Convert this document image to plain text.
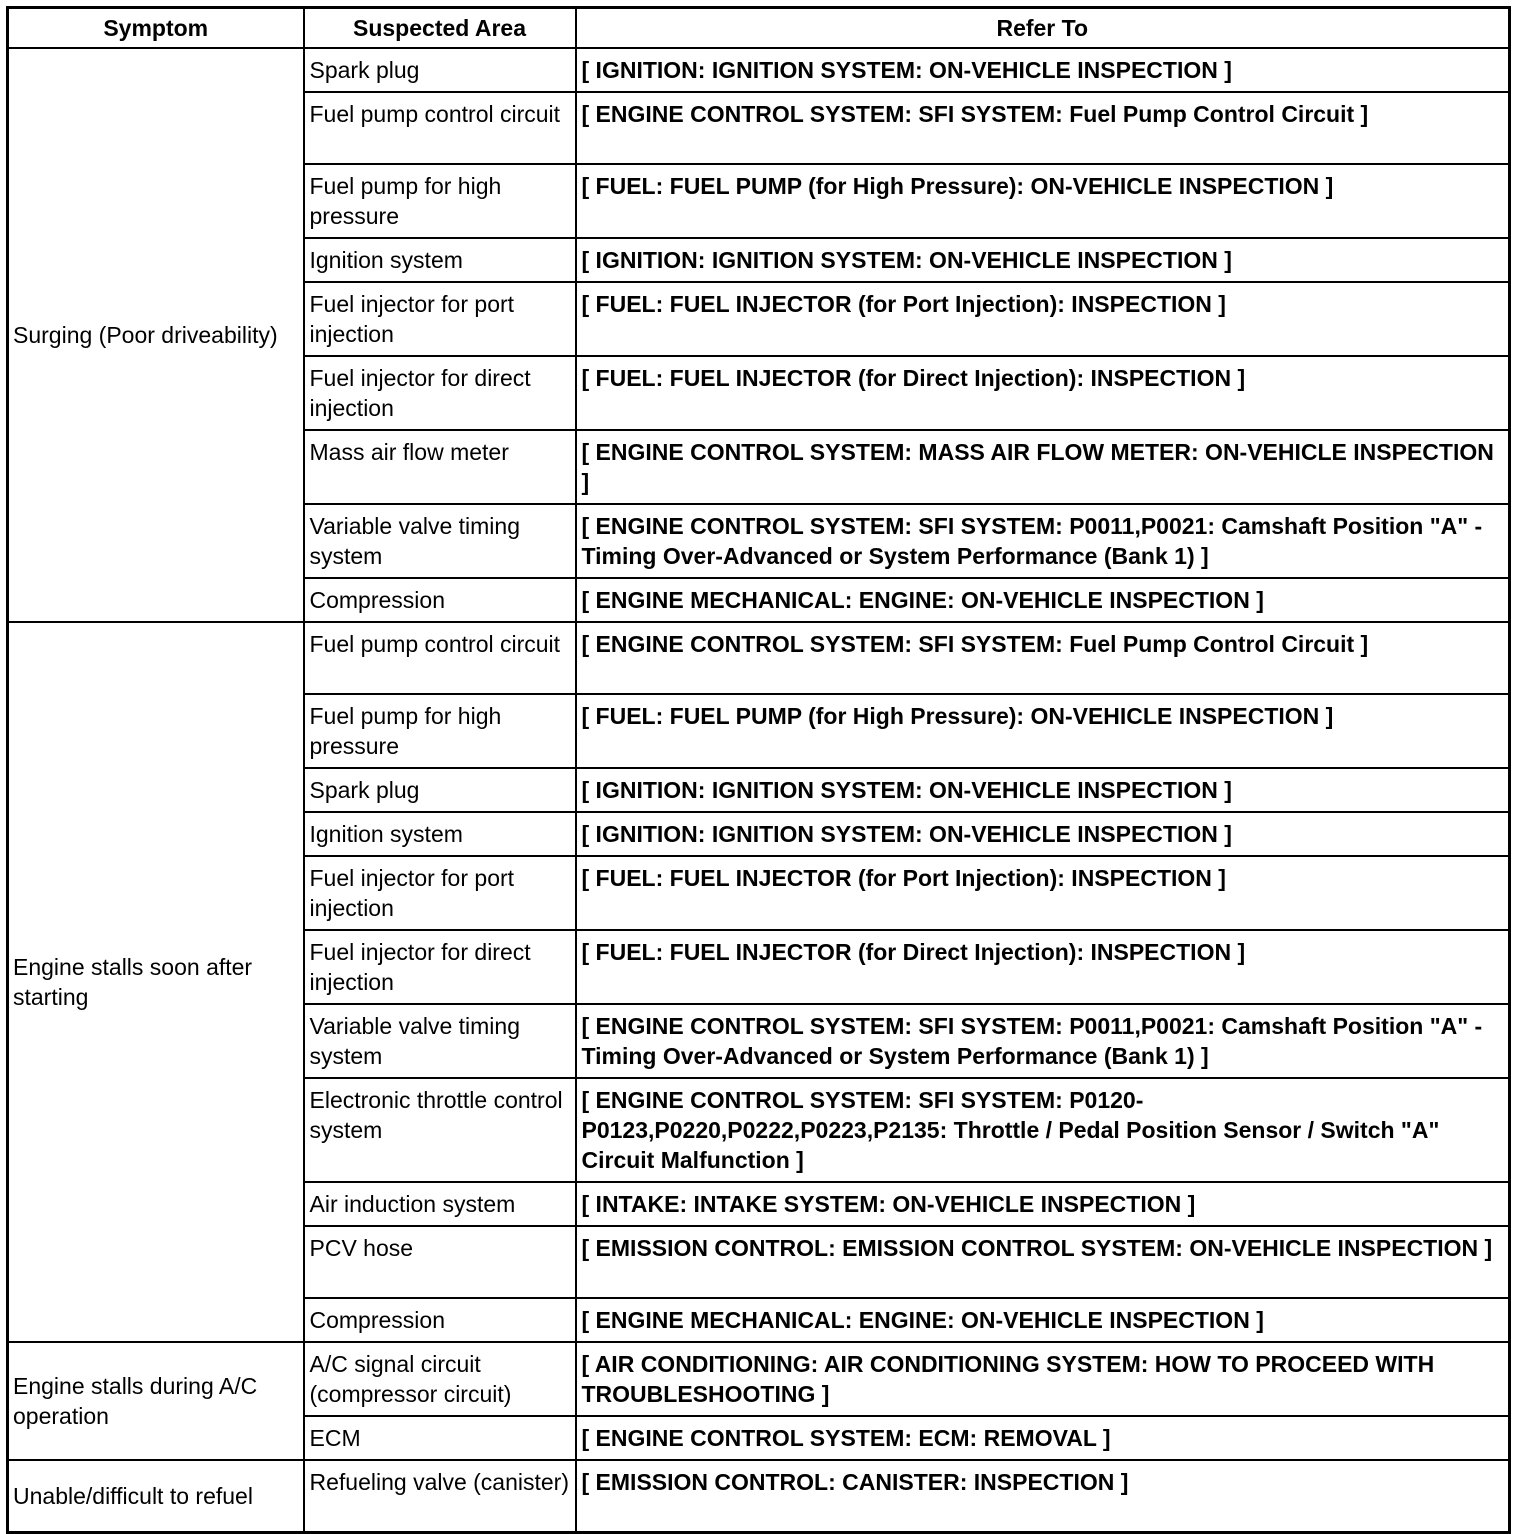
Symptom	Suspected Area	Refer To
Surging (Poor driveability)	Spark plug	[ IGNITION: IGNITION SYSTEM: ON-VEHICLE INSPECTION ]
	Fuel pump control circuit	[ ENGINE CONTROL SYSTEM: SFI SYSTEM: Fuel Pump Control Circuit ]
	Fuel pump for high pressure	[ FUEL: FUEL PUMP (for High Pressure): ON-VEHICLE INSPECTION ]
	Ignition system	[ IGNITION: IGNITION SYSTEM: ON-VEHICLE INSPECTION ]
	Fuel injector for port injection	[ FUEL: FUEL INJECTOR (for Port Injection): INSPECTION ]
	Fuel injector for direct injection	[ FUEL: FUEL INJECTOR (for Direct Injection): INSPECTION ]
	Mass air flow meter	[ ENGINE CONTROL SYSTEM: MASS AIR FLOW METER: ON-VEHICLE INSPECTION ]
	Variable valve timing system	[ ENGINE CONTROL SYSTEM: SFI SYSTEM: P0011,P0021: Camshaft Position "A" - Timing Over-Advanced or System Performance (Bank 1) ]
	Compression	[ ENGINE MECHANICAL: ENGINE: ON-VEHICLE INSPECTION ]
Engine stalls soon after starting	Fuel pump control circuit	[ ENGINE CONTROL SYSTEM: SFI SYSTEM: Fuel Pump Control Circuit ]
	Fuel pump for high pressure	[ FUEL: FUEL PUMP (for High Pressure): ON-VEHICLE INSPECTION ]
	Spark plug	[ IGNITION: IGNITION SYSTEM: ON-VEHICLE INSPECTION ]
	Ignition system	[ IGNITION: IGNITION SYSTEM: ON-VEHICLE INSPECTION ]
	Fuel injector for port injection	[ FUEL: FUEL INJECTOR (for Port Injection): INSPECTION ]
	Fuel injector for direct injection	[ FUEL: FUEL INJECTOR (for Direct Injection): INSPECTION ]
	Variable valve timing system	[ ENGINE CONTROL SYSTEM: SFI SYSTEM: P0011,P0021: Camshaft Position "A" - Timing Over-Advanced or System Performance (Bank 1) ]
	Electronic throttle control system	[ ENGINE CONTROL SYSTEM: SFI SYSTEM: P0120-P0123,P0220,P0222,P0223,P2135: Throttle / Pedal Position Sensor / Switch "A" Circuit Malfunction ]
	Air induction system	[ INTAKE: INTAKE SYSTEM: ON-VEHICLE INSPECTION ]
	PCV hose	[ EMISSION CONTROL: EMISSION CONTROL SYSTEM: ON-VEHICLE INSPECTION ]
	Compression	[ ENGINE MECHANICAL: ENGINE: ON-VEHICLE INSPECTION ]
Engine stalls during A/C operation	A/C signal circuit (compressor circuit)	[ AIR CONDITIONING: AIR CONDITIONING SYSTEM: HOW TO PROCEED WITH TROUBLESHOOTING ]
	ECM	[ ENGINE CONTROL SYSTEM: ECM: REMOVAL ]
Unable/difficult to refuel	Refueling valve (canister)	[ EMISSION CONTROL: CANISTER: INSPECTION ]
